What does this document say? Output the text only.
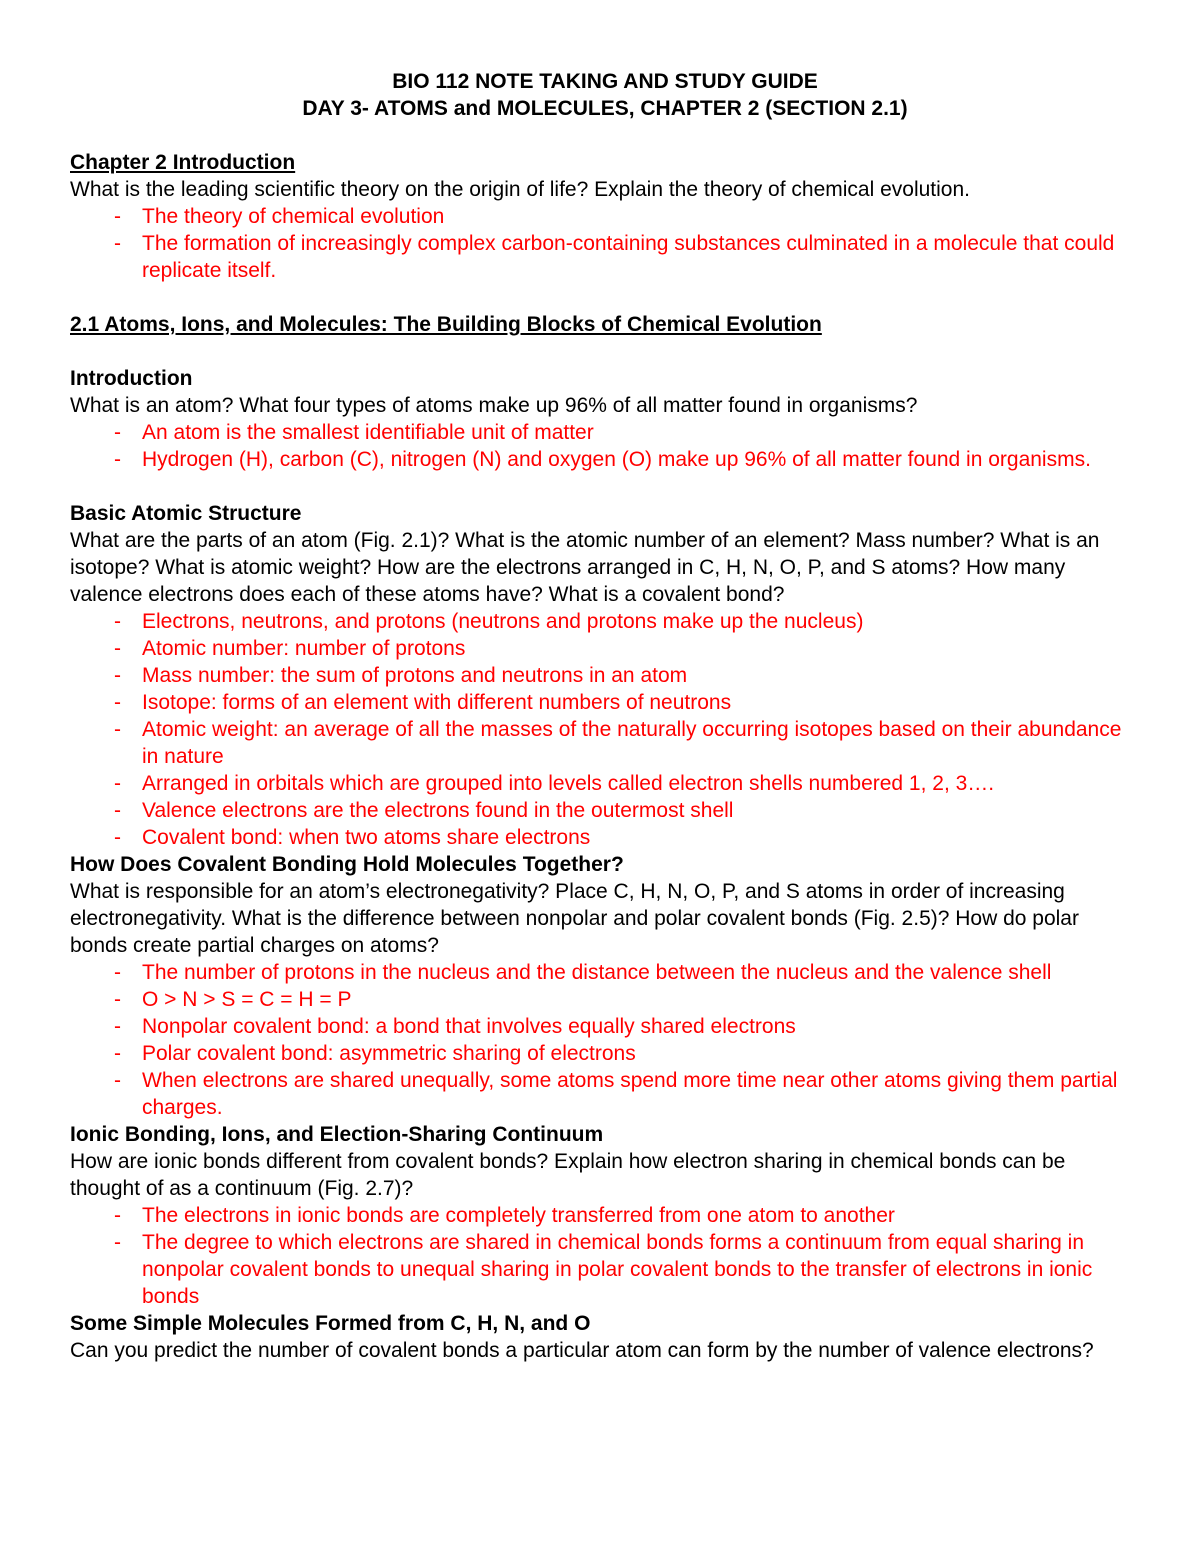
BIO 112 NOTE TAKING AND STUDY GUIDE

DAY 3- ATOMS and MOLECULES, CHAPTER 2 (SECTION 2.1)

Chapter 2 Introduction

What is the leading scientific theory on the origin of life? Explain the theory of chemical evolution.

- The theory of chemical evolution
- The formation of increasingly complex carbon-containing substances culminated in a molecule that could replicate itself.

2.1 Atoms, Ions, and Molecules: The Building Blocks of Chemical Evolution

Introduction

What is an atom? What four types of atoms make up 96% of all matter found in organisms?

- An atom is the smallest identifiable unit of matter
- Hydrogen (H), carbon (C), nitrogen (N) and oxygen (O) make up 96% of all matter found in organisms.

Basic Atomic Structure

What are the parts of an atom (Fig. 2.1)? What is the atomic number of an element? Mass number? What is an isotope? What is atomic weight? How are the electrons arranged in C, H, N, O, P, and S atoms? How many valence electrons does each of these atoms have? What is a covalent bond?

- Electrons, neutrons, and protons (neutrons and protons make up the nucleus)
- Atomic number: number of protons
- Mass number: the sum of protons and neutrons in an atom
- Isotope: forms of an element with different numbers of neutrons
- Atomic weight: an average of all the masses of the naturally occurring isotopes based on their abundance in nature
- Arranged in orbitals which are grouped into levels called electron shells numbered 1, 2, 3….
- Valence electrons are the electrons found in the outermost shell
- Covalent bond: when two atoms share electrons

How Does Covalent Bonding Hold Molecules Together?

What is responsible for an atom’s electronegativity? Place C, H, N, O, P, and S atoms in order of increasing electronegativity. What is the difference between nonpolar and polar covalent bonds (Fig. 2.5)? How do polar bonds create partial charges on atoms?

- The number of protons in the nucleus and the distance between the nucleus and the valence shell
- O > N > S = C = H = P
- Nonpolar covalent bond: a bond that involves equally shared electrons
- Polar covalent bond: asymmetric sharing of electrons
- When electrons are shared unequally, some atoms spend more time near other atoms giving them partial charges.

Ionic Bonding, Ions, and Election-Sharing Continuum

How are ionic bonds different from covalent bonds? Explain how electron sharing in chemical bonds can be thought of as a continuum (Fig. 2.7)?

- The electrons in ionic bonds are completely transferred from one atom to another
- The degree to which electrons are shared in chemical bonds forms a continuum from equal sharing in nonpolar covalent bonds to unequal sharing in polar covalent bonds to the transfer of electrons in ionic bonds

Some Simple Molecules Formed from C, H, N, and O

Can you predict the number of covalent bonds a particular atom can form by the number of valence electrons?
